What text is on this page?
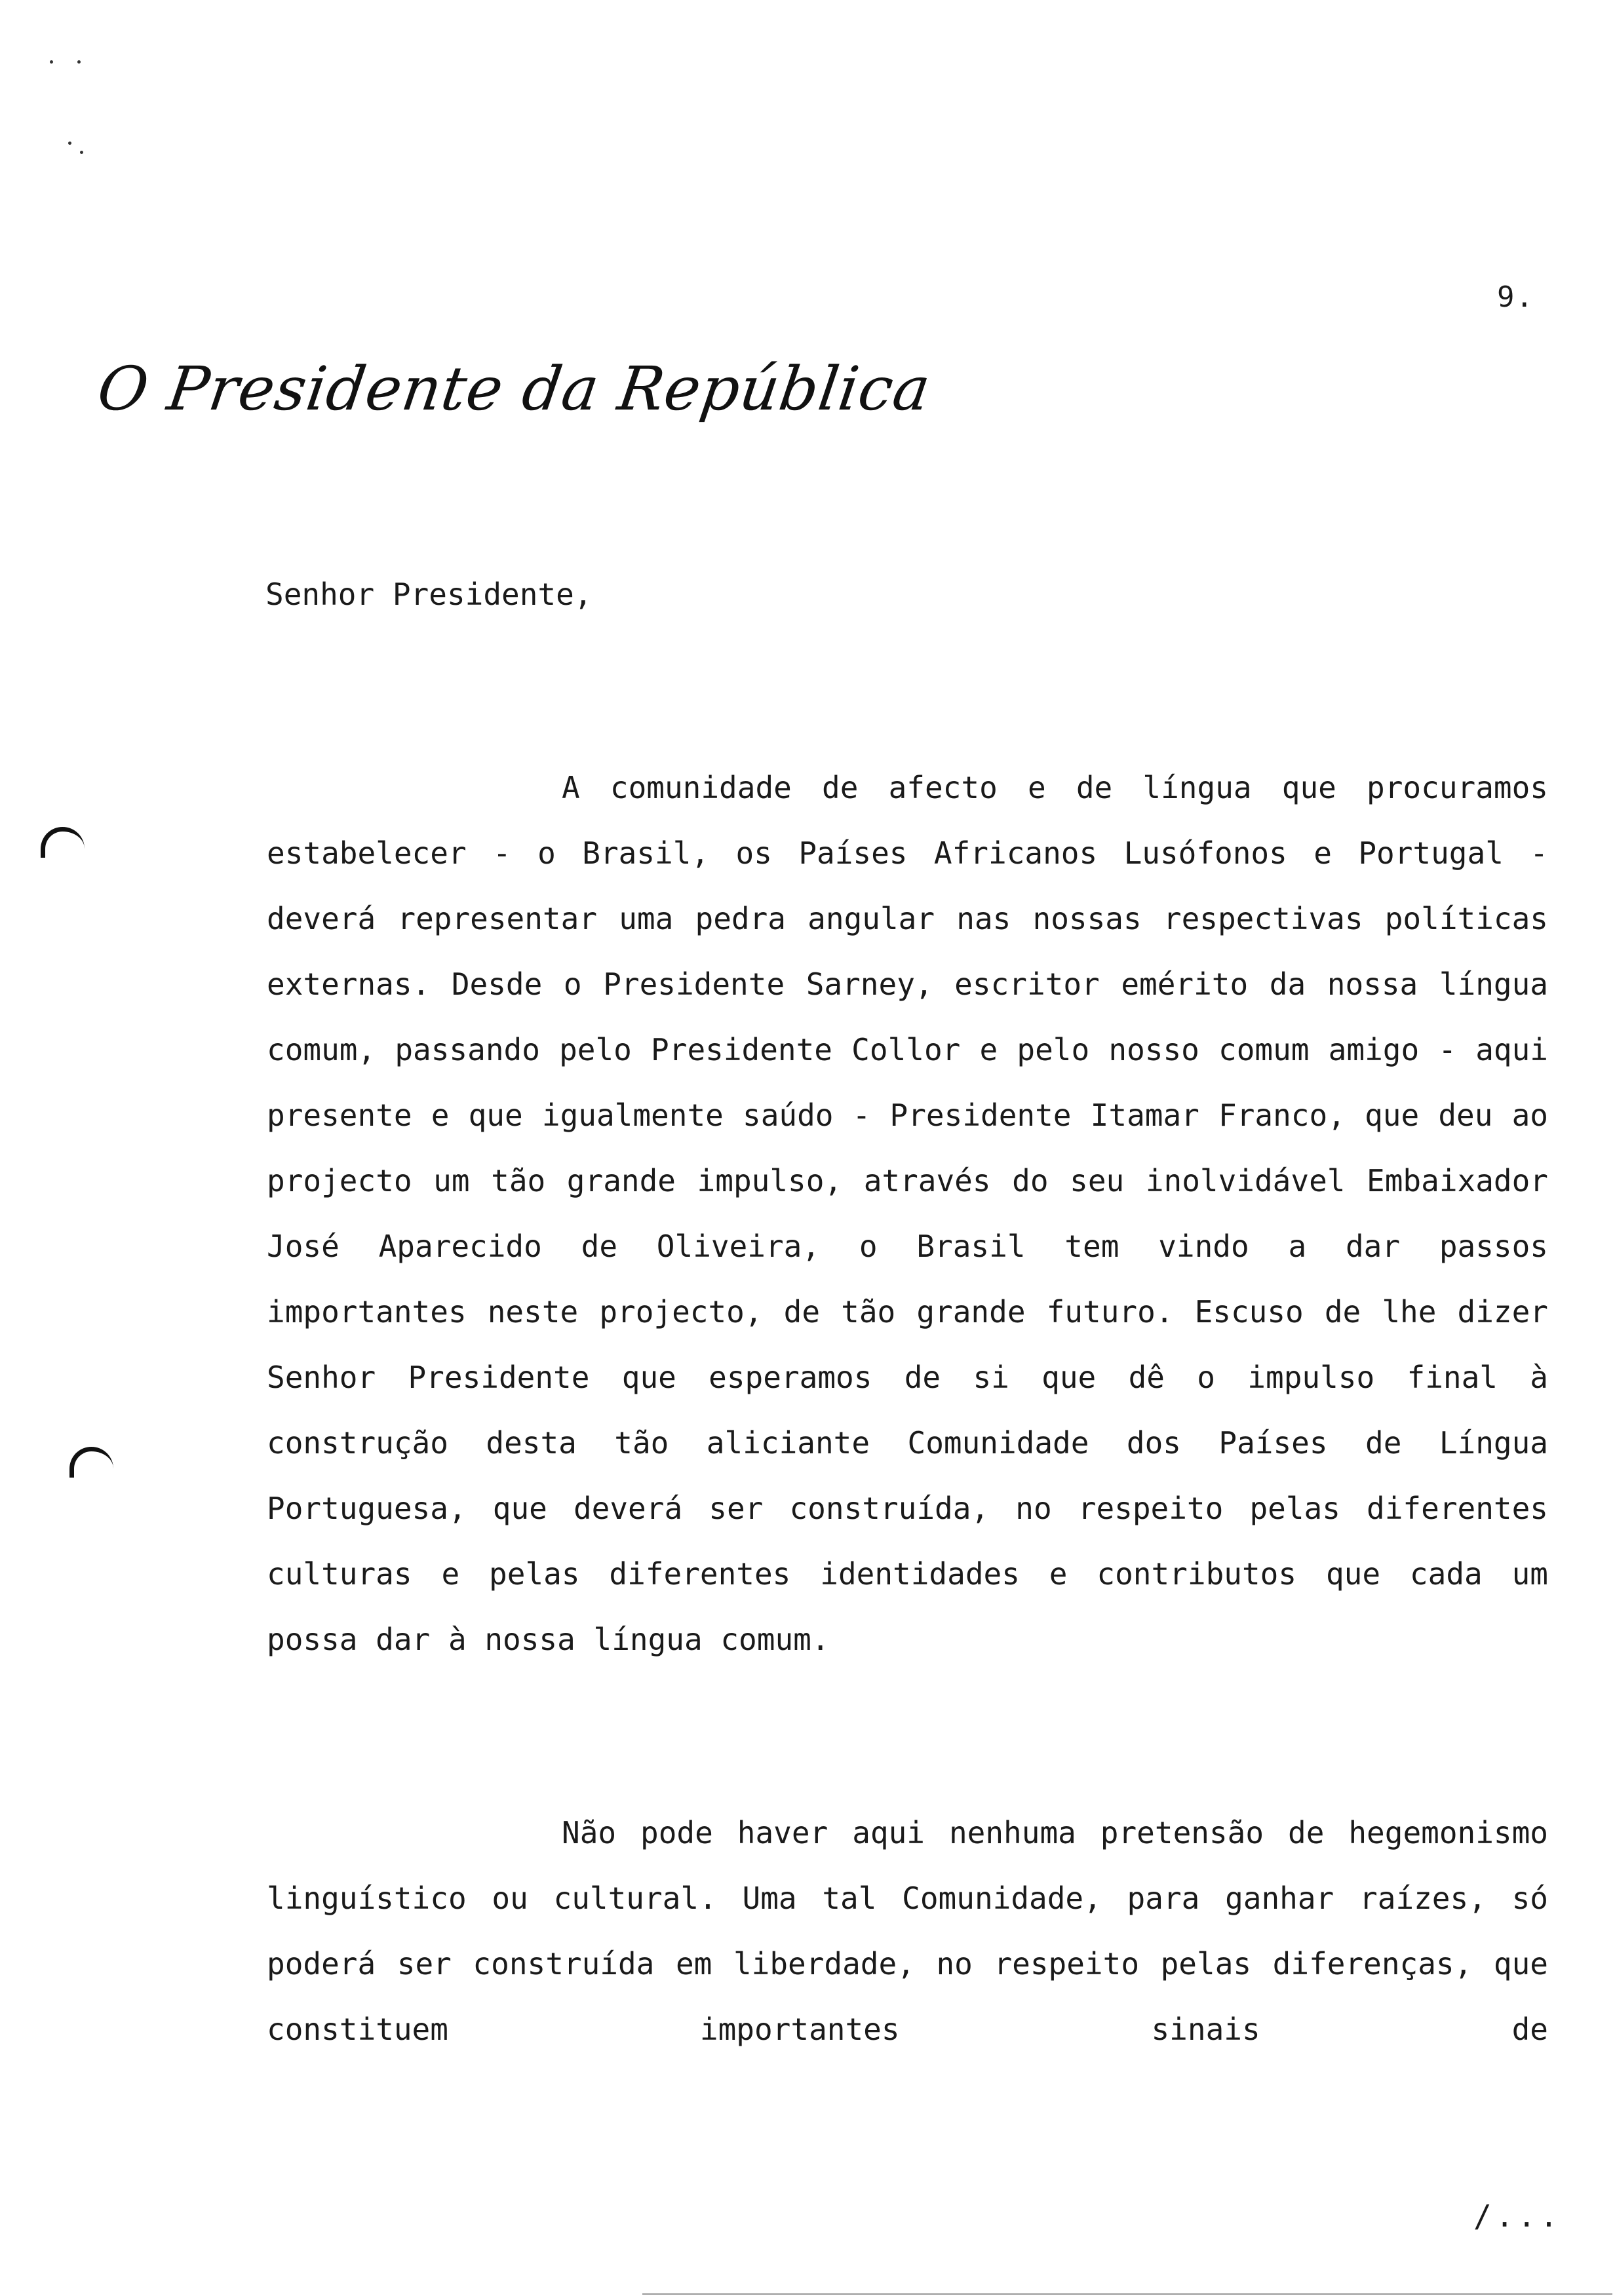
9.
O Presidente da República
Senhor Presidente,

A comunidade de afecto e de língua que procuramos estabelecer - o Brasil, os Países Africanos Lusófonos e Portugal - deverá representar uma pedra angular nas nossas respectivas políticas externas. Desde o Presidente Sarney, escritor emérito da nossa língua comum, passando pelo Presidente Collor e pelo nosso comum amigo - aqui presente e que igualmente saúdo - Presidente Itamar Franco, que deu ao projecto um tão grande impulso, através do seu inolvidável Embaixador José Aparecido de Oliveira, o Brasil tem vindo a dar passos importantes neste projecto, de tão grande futuro. Escuso de lhe dizer Senhor Presidente que esperamos de si que dê o impulso final à construção desta tão aliciante Comunidade dos Países de Língua Portuguesa, que deverá ser construída, no respeito pelas diferentes culturas e pelas diferentes identidades e contributos que cada um possa dar à nossa língua comum.

Não pode haver aqui nenhuma pretensão de hegemonismo linguístico ou cultural. Uma tal Comunidade, para ganhar raízes, só poderá ser construída em liberdade, no respeito pelas diferenças, que constituem importantes sinais de

/...
